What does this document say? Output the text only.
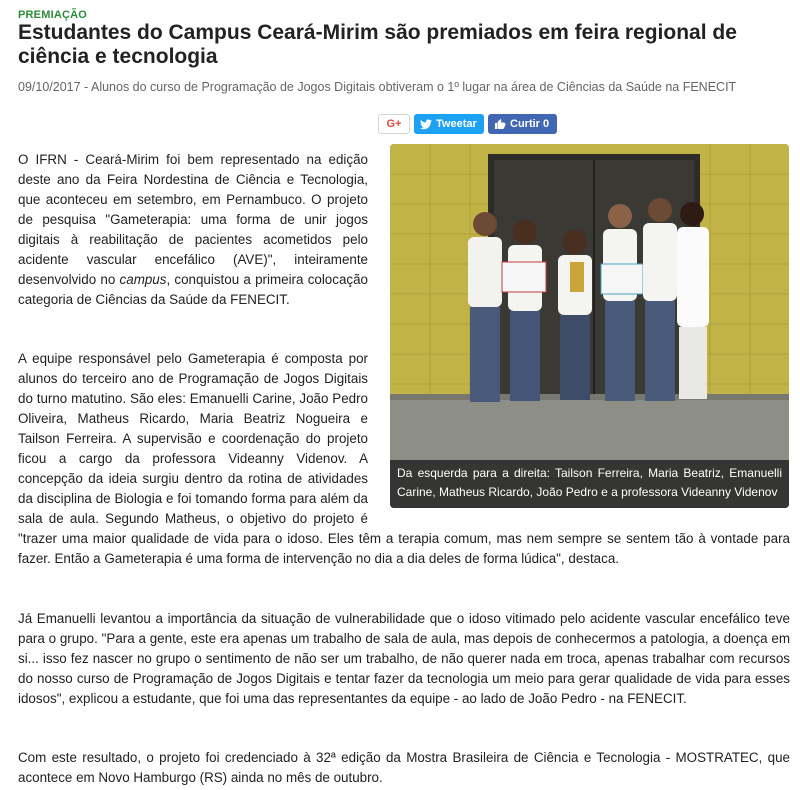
PREMIAÇÃO
Estudantes do Campus Ceará-Mirim são premiados em feira regional de ciência e tecnologia
09/10/2017 - Alunos do curso de Programação de Jogos Digitais obtiveram o 1º lugar na área de Ciências da Saúde na FENECIT
G+	Tweetar	Curtir 0
Da esquerda para a direita: Tailson Ferreira, Maria Beatriz, Emanuelli Carine, Matheus Ricardo, João Pedro e a professora Videanny Videnov

O IFRN - Ceará-Mirim foi bem representado na edição deste ano da Feira Nordestina de Ciência e Tecnologia, que aconteceu em setembro, em Pernambuco. O projeto de pesquisa "Gameterapia: uma forma de unir jogos digitais à reabilitação de pacientes acometidos pelo acidente vascular encefálico (AVE)", inteiramente desenvolvido no campus, conquistou a primeira colocação categoria de Ciências da Saúde da FENECIT.

A equipe responsável pelo Gameterapia é composta por alunos do terceiro ano de Programação de Jogos Digitais do turno matutino. São eles: Emanuelli Carine, João Pedro Oliveira, Matheus Ricardo, Maria Beatriz Nogueira e Tailson Ferreira. A supervisão e coordenação do projeto ficou a cargo da professora Videanny Videnov. A concepção da ideia surgiu dentro da rotina de atividades da disciplina de Biologia e foi tomando forma para além da sala de aula. Segundo Matheus, o objetivo do projeto é "trazer uma maior qualidade de vida para o idoso. Eles têm a terapia comum, mas nem sempre se sentem tão à vontade para fazer. Então a Gameterapia é uma forma de intervenção no dia a dia deles de forma lúdica", destaca.

Já Emanuelli levantou a importância da situação de vulnerabilidade que o idoso vitimado pelo acidente vascular encefálico teve para o grupo. "Para a gente, este era apenas um trabalho de sala de aula, mas depois de conhecermos a patologia, a doença em si... isso fez nascer no grupo o sentimento de não ser um trabalho, de não querer nada em troca, apenas trabalhar com recursos do nosso curso de Programação de Jogos Digitais e tentar fazer da tecnologia um meio para gerar qualidade de vida para esses idosos", explicou a estudante, que foi uma das representantes da equipe - ao lado de João Pedro - na FENECIT.

Com este resultado, o projeto foi credenciado à 32ª edição da Mostra Brasileira de Ciência e Tecnologia - MOSTRATEC, que acontece em Novo Hamburgo (RS) ainda no mês de outubro.
